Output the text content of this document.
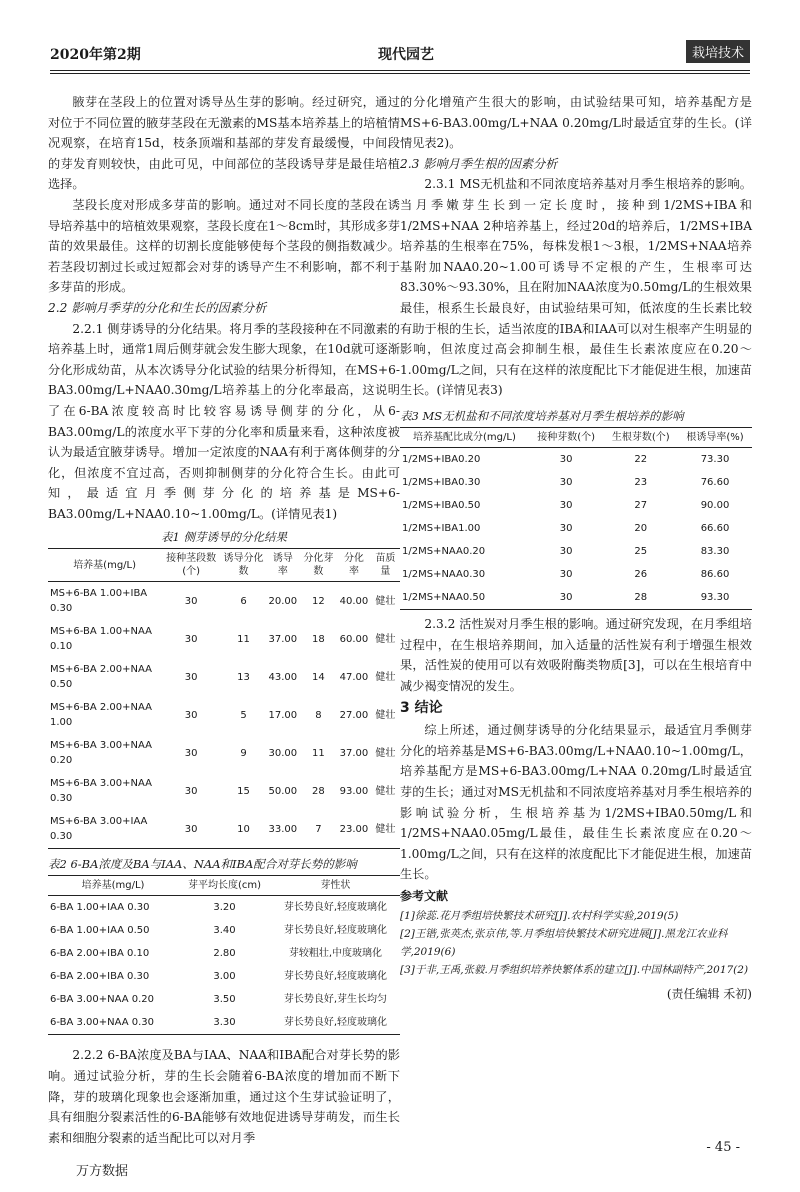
2020年第2期	现代园艺	栽培技术

腋芽在茎段上的位置对诱导丛生芽的影响。经过研究，通过对位于不同位置的腋芽茎段在无激素的MS基本培养基上的培植情况观察，在培育15d，枝条顶端和基部的芽发育最缓慢，中间段的芽发育则较快，由此可见，中间部位的茎段诱导芽是最佳培植选择。

茎段长度对形成多芽苗的影响。通过对不同长度的茎段在诱导培养基中的培植效果观察，茎段长度在1～8cm时，其形成多芽苗的效果最佳。这样的切割长度能够使每个茎段的侧指数减少。若茎段切割过长或过短都会对芽的诱导产生不利影响，都不利于多芽苗的形成。

2.2 影响月季芽的分化和生长的因素分析

2.2.1 侧芽诱导的分化结果。将月季的茎段接种在不同激素的培养基上时，通常1周后侧芽就会发生膨大现象，在10d就可逐渐分化形成幼苗，从本次诱导分化试验的结果分析得知，在MS+6-BA3.00mg/L+NAA0.30mg/L培养基上的分化率最高，这说明了在6-BA浓度较高时比较容易诱导侧芽的分化，从6-BA3.00mg/L的浓度水平下芽的分化率和质量来看，这种浓度被认为最适宜腋芽诱导。增加一定浓度的NAA有利于离体侧芽的分化，但浓度不宜过高，否则抑制侧芽的分化符合生长。由此可知，最适宜月季侧芽分化的培养基是MS+6-BA3.00mg/L+NAA0.10~1.00mg/L。(详情见表1)

表1 侧芽诱导的分化结果
培养基(mg/L)	接种茎段数(个)	诱导分化数	诱导率	分化芽数	分化率	苗质量
MS+6-BA 1.00+IBA 0.30	30	6	20.00	12	40.00	健壮
MS+6-BA 1.00+NAA 0.10	30	11	37.00	18	60.00	健壮
MS+6-BA 2.00+NAA 0.50	30	13	43.00	14	47.00	健壮
MS+6-BA 2.00+NAA 1.00	30	5	17.00	8	27.00	健壮
MS+6-BA 3.00+NAA 0.20	30	9	30.00	11	37.00	健壮
MS+6-BA 3.00+NAA 0.30	30	15	50.00	28	93.00	健壮
MS+6-BA 3.00+IAA 0.30	30	10	33.00	7	23.00	健壮
表2 6-BA浓度及BA与IAA、NAA和IBA配合对芽长势的影响
培养基(mg/L)	芽平均长度(cm)	芽性状
6-BA 1.00+IAA 0.30	3.20	芽长势良好,轻度玻璃化
6-BA 1.00+IAA 0.50	3.40	芽长势良好,轻度玻璃化
6-BA 2.00+IBA 0.10	2.80	芽较粗壮,中度玻璃化
6-BA 2.00+IBA 0.30	3.00	芽长势良好,轻度玻璃化
6-BA 3.00+NAA 0.20	3.50	芽长势良好,芽生长均匀
6-BA 3.00+NAA 0.30	3.30	芽长势良好,轻度玻璃化

2.2.2 6-BA浓度及BA与IAA、NAA和IBA配合对芽长势的影响。通过试验分析，芽的生长会随着6-BA浓度的增加而不断下降，芽的玻璃化现象也会逐渐加重，通过这个生芽试验证明了，具有细胞分裂素活性的6-BA能够有效地促进诱导芽萌发，而生长素和细胞分裂素的适当配比可以对月季

的分化增殖产生很大的影响，由试验结果可知，培养基配方是MS+6-BA3.00mg/L+NAA 0.20mg/L时最适宜芽的生长。(详情见表2)。

2.3 影响月季生根的因素分析

2.3.1 MS无机盐和不同浓度培养基对月季生根培养的影响。当月季嫩芽生长到一定长度时，接种到1/2MS+IBA和1/2MS+NAA 2种培养基上，经过20d的培养后，1/2MS+IBA培养基的生根率在75%，每株发根1～3根，1/2MS+NAA培养基附加NAA0.20~1.00可诱导不定根的产生，生根率可达83.30%～93.30%，且在附加NAA浓度为0.50mg/L的生根效果最佳，根系生长最良好，由试验结果可知，低浓度的生长素比较有助于根的生长，适当浓度的IBA和IAA可以对生根率产生明显的影响，但浓度过高会抑制生根，最佳生长素浓度应在0.20～1.00mg/L之间，只有在这样的浓度配比下才能促进生根，加速苗生长。(详情见表3)

表3 MS无机盐和不同浓度培养基对月季生根培养的影响
培养基配比成分(mg/L)	接种芽数(个)	生根芽数(个)	根诱导率(%)
1/2MS+IBA0.20	30	22	73.30
1/2MS+IBA0.30	30	23	76.60
1/2MS+IBA0.50	30	27	90.00
1/2MS+IBA1.00	30	20	66.60
1/2MS+NAA0.20	30	25	83.30
1/2MS+NAA0.30	30	26	86.60
1/2MS+NAA0.50	30	28	93.30

2.3.2 活性炭对月季生根的影响。通过研究发现，在月季组培过程中，在生根培养期间，加入适量的活性炭有利于增强生根效果，活性炭的使用可以有效吸附酶类物质[3]，可以在生根培育中减少褐变情况的发生。

3 结论

综上所述，通过侧芽诱导的分化结果显示，最适宜月季侧芽分化的培养基是MS+6-BA3.00mg/L+NAA0.10~1.00mg/L，培养基配方是MS+6-BA3.00mg/L+NAA 0.20mg/L时最适宜芽的生长；通过对MS无机盐和不同浓度培养基对月季生根培养的影响试验分析，生根培养基为1/2MS+IBA0.50mg/L和1/2MS+NAA0.05mg/L最佳，最佳生长素浓度应在0.20～1.00mg/L之间，只有在这样的浓度配比下才能促进生根，加速苗生长。

参考文献
[1]徐蕊.花月季组培快繁技术研究[J].农村科学实验,2019(5)
[2]王锴,张英杰,张京伟,等.月季组培快繁技术研究进展[J].黑龙江农业科学,2019(6)
[3]于非,王禹,张毅.月季组织培养快繁体系的建立[J].中国林副特产,2017(2)
(责任编辑 禾初)
- 45 -
万方数据
